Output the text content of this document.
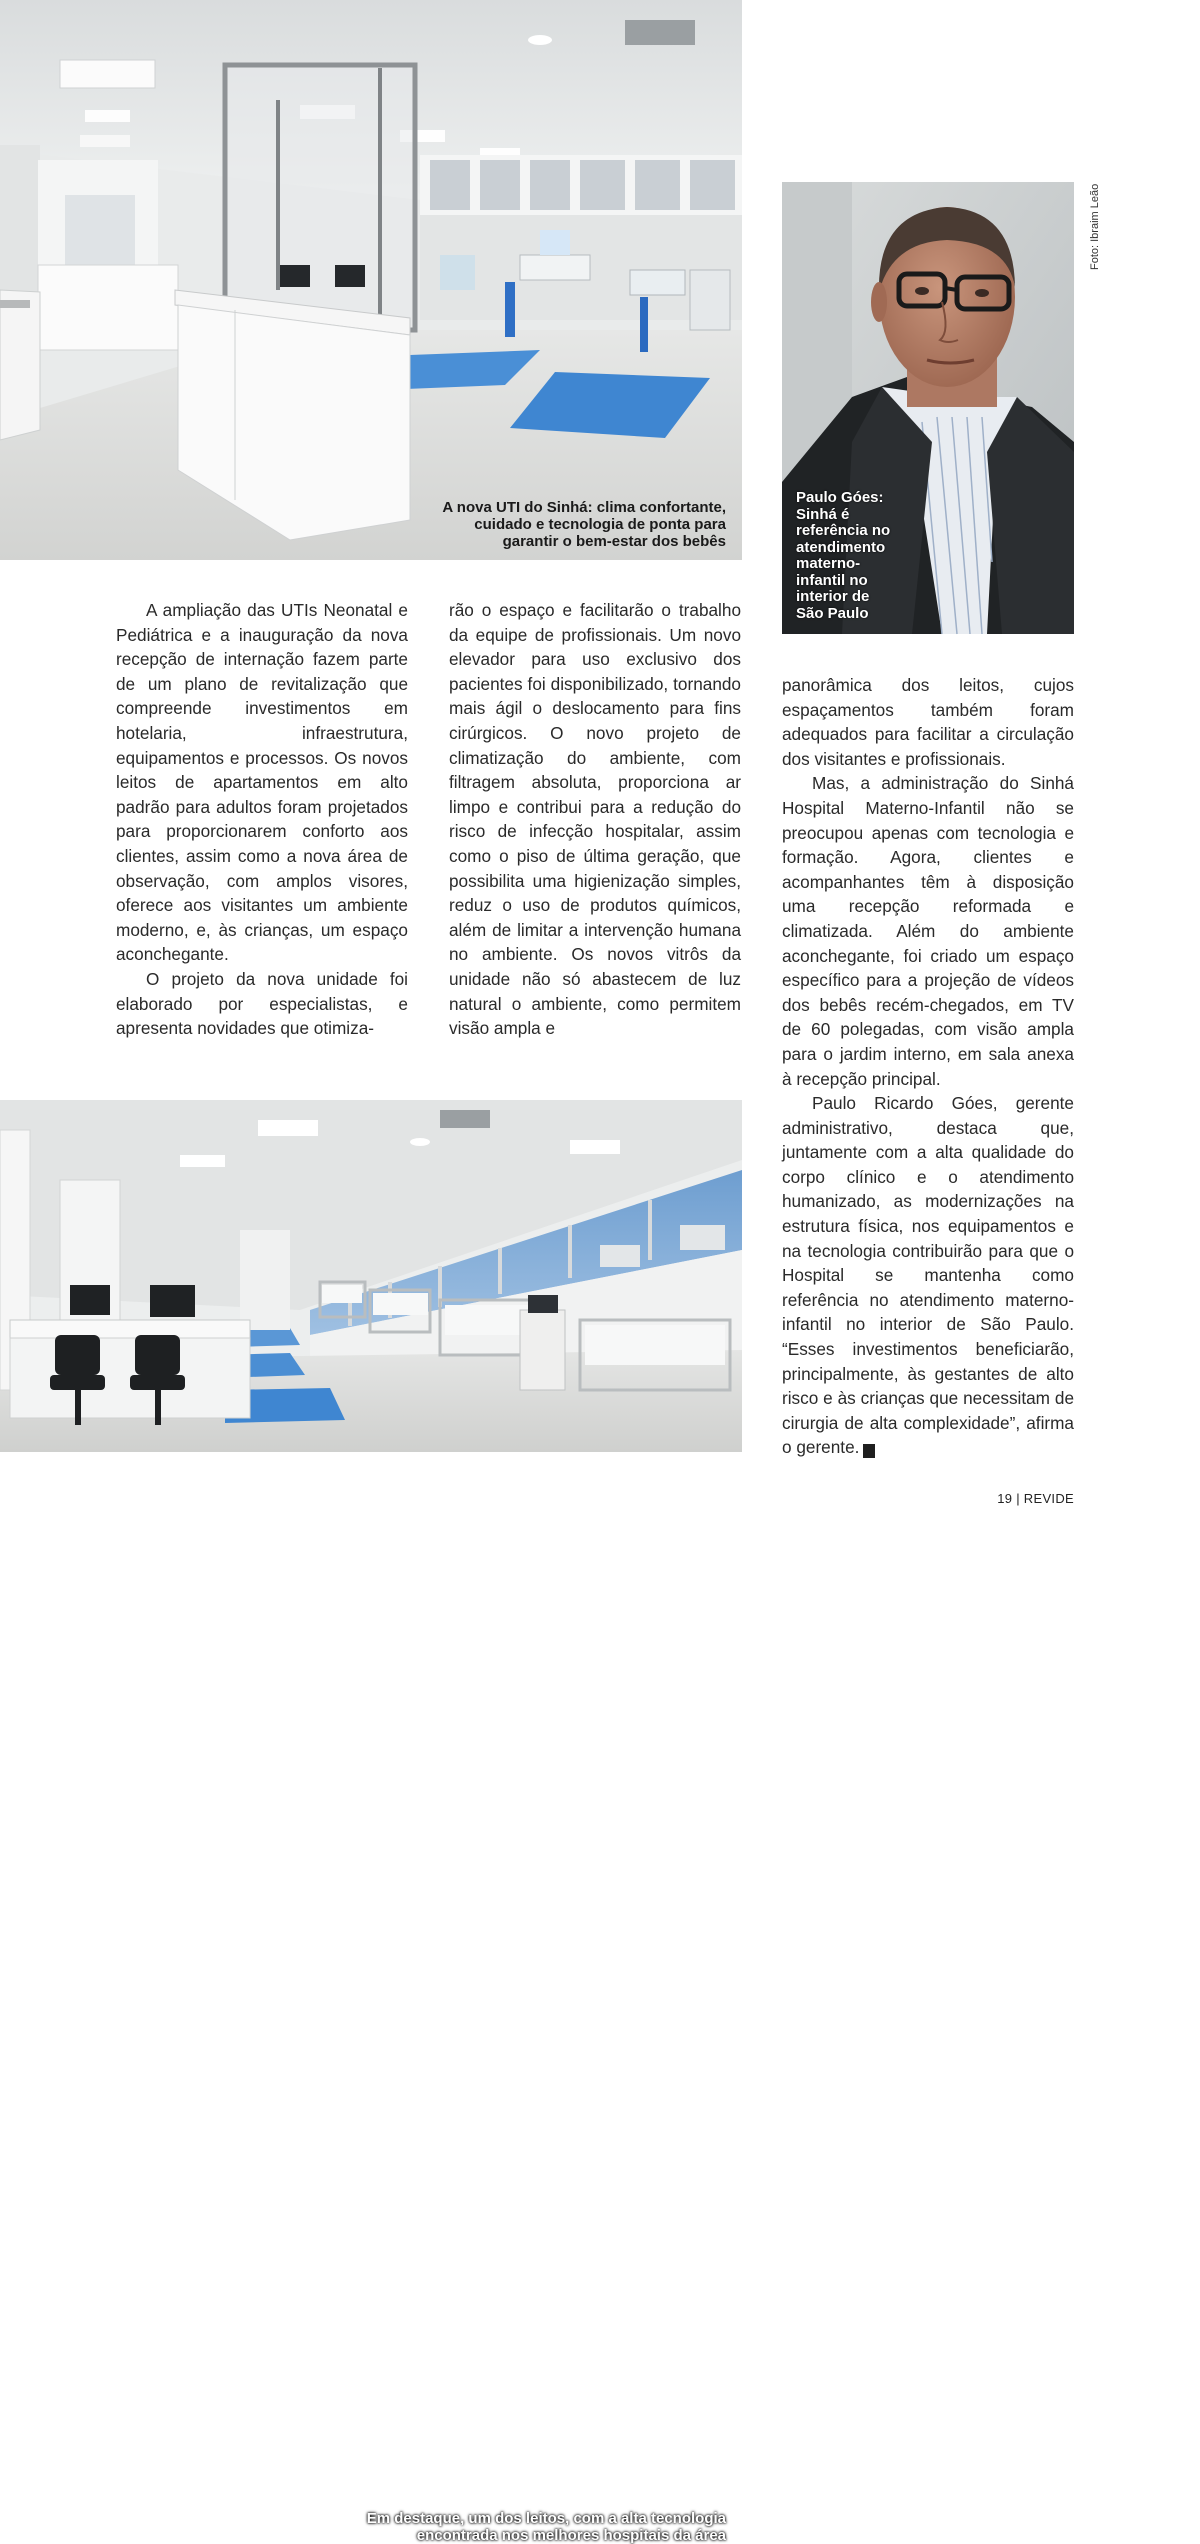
A nova UTI do Sinhá: clima confortante,
cuidado e tecnologia de ponta para
garantir o bem-estar dos bebês
Paulo Góes:
Sinhá é
referência no
atendimento
materno-
infantil no
interior de
São Paulo
Foto: Ibraim Leão

A ampliação das UTIs Neonatal e Pediátrica e a inauguração da nova recepção de internação fazem parte de um plano de revitalização que compreende investimentos em hotelaria, infraestrutura, equipamentos e processos. Os novos leitos de apartamentos em alto padrão para adultos foram projetados para proporcionarem conforto aos clientes, assim como a nova área de observação, com amplos visores, oferece aos visitantes um ambiente moderno, e, às crianças, um espaço aconchegante.

O projeto da nova unidade foi elaborado por especialistas, e apresenta novidades que otimiza-

rão o espaço e facilitarão o trabalho da equipe de profissionais. Um novo elevador para uso exclusivo dos pacientes foi disponibilizado, tornando mais ágil o deslocamento para fins cirúrgicos. O novo projeto de climatização do ambiente, com filtragem absoluta, proporciona ar limpo e contribui para a redução do risco de infecção hospitalar, assim como o piso de última geração, que possibilita uma higienização simples, reduz o uso de produtos químicos, além de limitar a intervenção humana no ambiente. Os novos vitrôs da unidade não só abastecem de luz natural o ambiente, como permitem visão ampla e

panorâmica dos leitos, cujos espaçamentos também foram adequados para facilitar a circulação dos visitantes e profissionais.

Mas, a administração do Sinhá Hospital Materno-Infantil não se preocupou apenas com tecnologia e formação. Agora, clientes e acompanhantes têm à disposição uma recepção reformada e climatizada. Além do ambiente aconchegante, foi criado um espaço específico para a projeção de vídeos dos bebês recém-chegados, em TV de 60 polegadas, com visão ampla para o jardim interno, em sala anexa à recepção principal.

Paulo Ricardo Góes, gerente administrativo, destaca que, juntamente com a alta qualidade do corpo clínico e o atendimento humanizado, as modernizações na estrutura física, nos equipamentos e na tecnologia contribuirão para que o Hospital se mantenha como referência no atendimento materno-infantil no interior de São Paulo. “Esses investimentos beneficiarão, principalmente, às gestantes de alto risco e às crianças que necessitam de cirurgia de alta complexidade”, afirma o gerente.	r

Em destaque, um dos leitos, com a alta tecnologia
encontrada nos melhores hospitais da área
19 | REVIDE
